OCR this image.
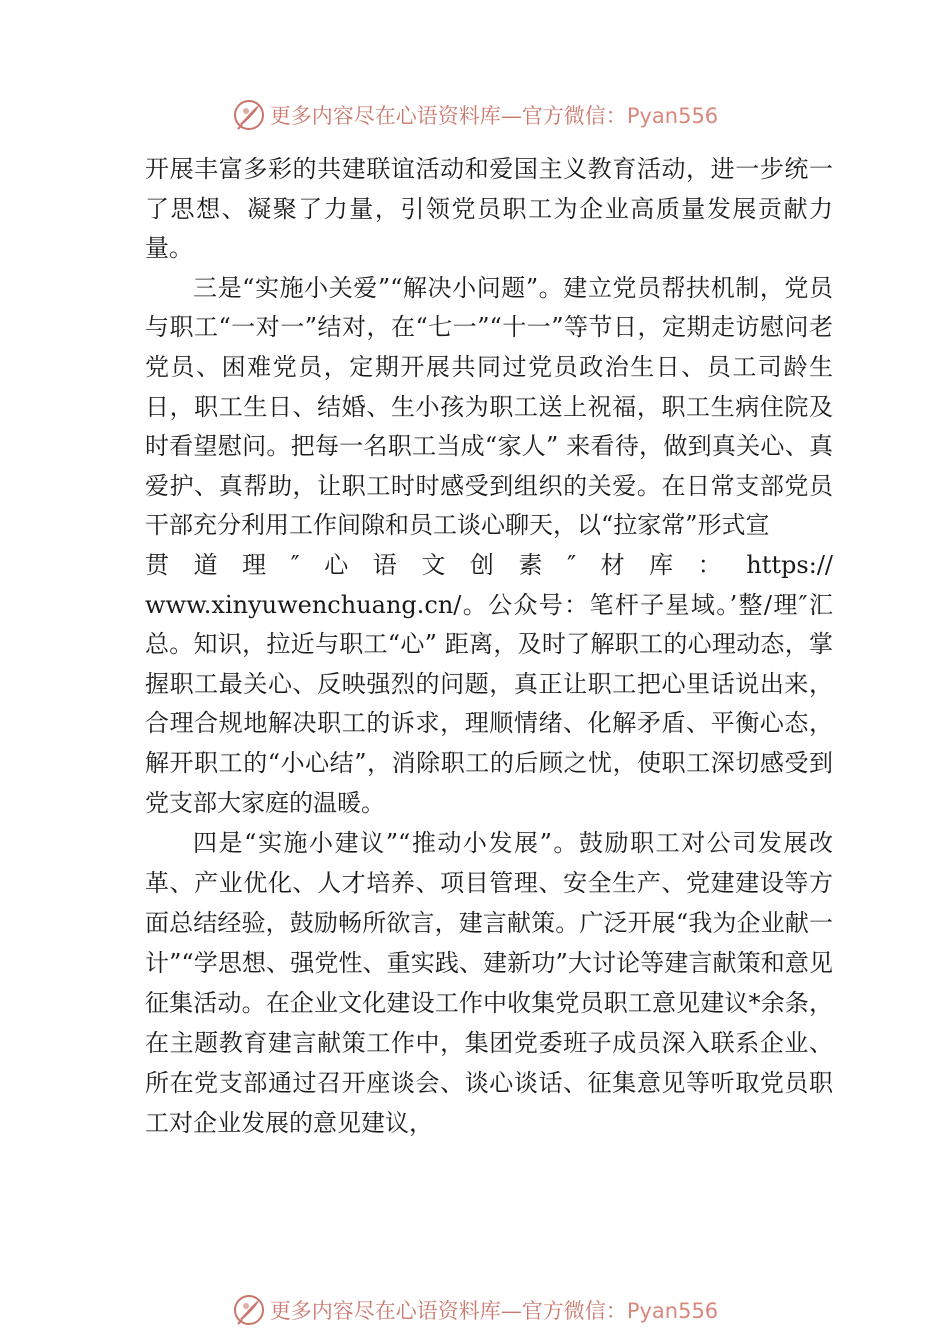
更多内容尽在心语资料库—官方微信：Pyan556

开展丰富多彩的共建联谊活动和爱国主义教育活动，进一步统一了思想、凝聚了力量，引领党员职工为企业高质量发展贡献力量。

三是“实施小关爱”“解决小问题”。建立党员帮扶机制，党员与职工“一对一”结对，在“七一”“十一”等节日，定期走访慰问老党员、困难党员，定期开展共同过党员政治生日、员工司龄生日，职工生日、结婚、生小孩为职工送上祝福，职工生病住院及时看望慰问。把每一名职工当成“家人” 来看待，做到真关心、真爱护、真帮助，让职工时时感受到组织的关爱。在日常支部党员干部充分利用工作间隙和员工谈心聊天，以“拉家常”形式宣

贯道理″心语文创素″材库：https://

www.xinyuwenchuang.cn/。公众号：笔杆子星域。’整/理″汇总。知识，拉近与职工“心” 距离，及时了解职工的心理动态，掌握职工最关心、反映强烈的问题，真正让职工把心里话说出来，合理合规地解决职工的诉求，理顺情绪、化解矛盾、平衡心态，解开职工的“小心结”，消除职工的后顾之忧，使职工深切感受到党支部大家庭的温暖。

四是“实施小建议”“推动小发展”。鼓励职工对公司发展改革、产业优化、人才培养、项目管理、安全生产、党建建设等方面总结经验，鼓励畅所欲言，建言献策。广泛开展“我为企业献一计”“学思想、强党性、重实践、建新功”大讨论等建言献策和意见征集活动。在企业文化建设工作中收集党员职工意见建议*余条，在主题教育建言献策工作中，集团党委班子成员深入联系企业、所在党支部通过召开座谈会、谈心谈话、征集意见等听取党员职工对企业发展的意见建议，

更多内容尽在心语资料库—官方微信：Pyan556
